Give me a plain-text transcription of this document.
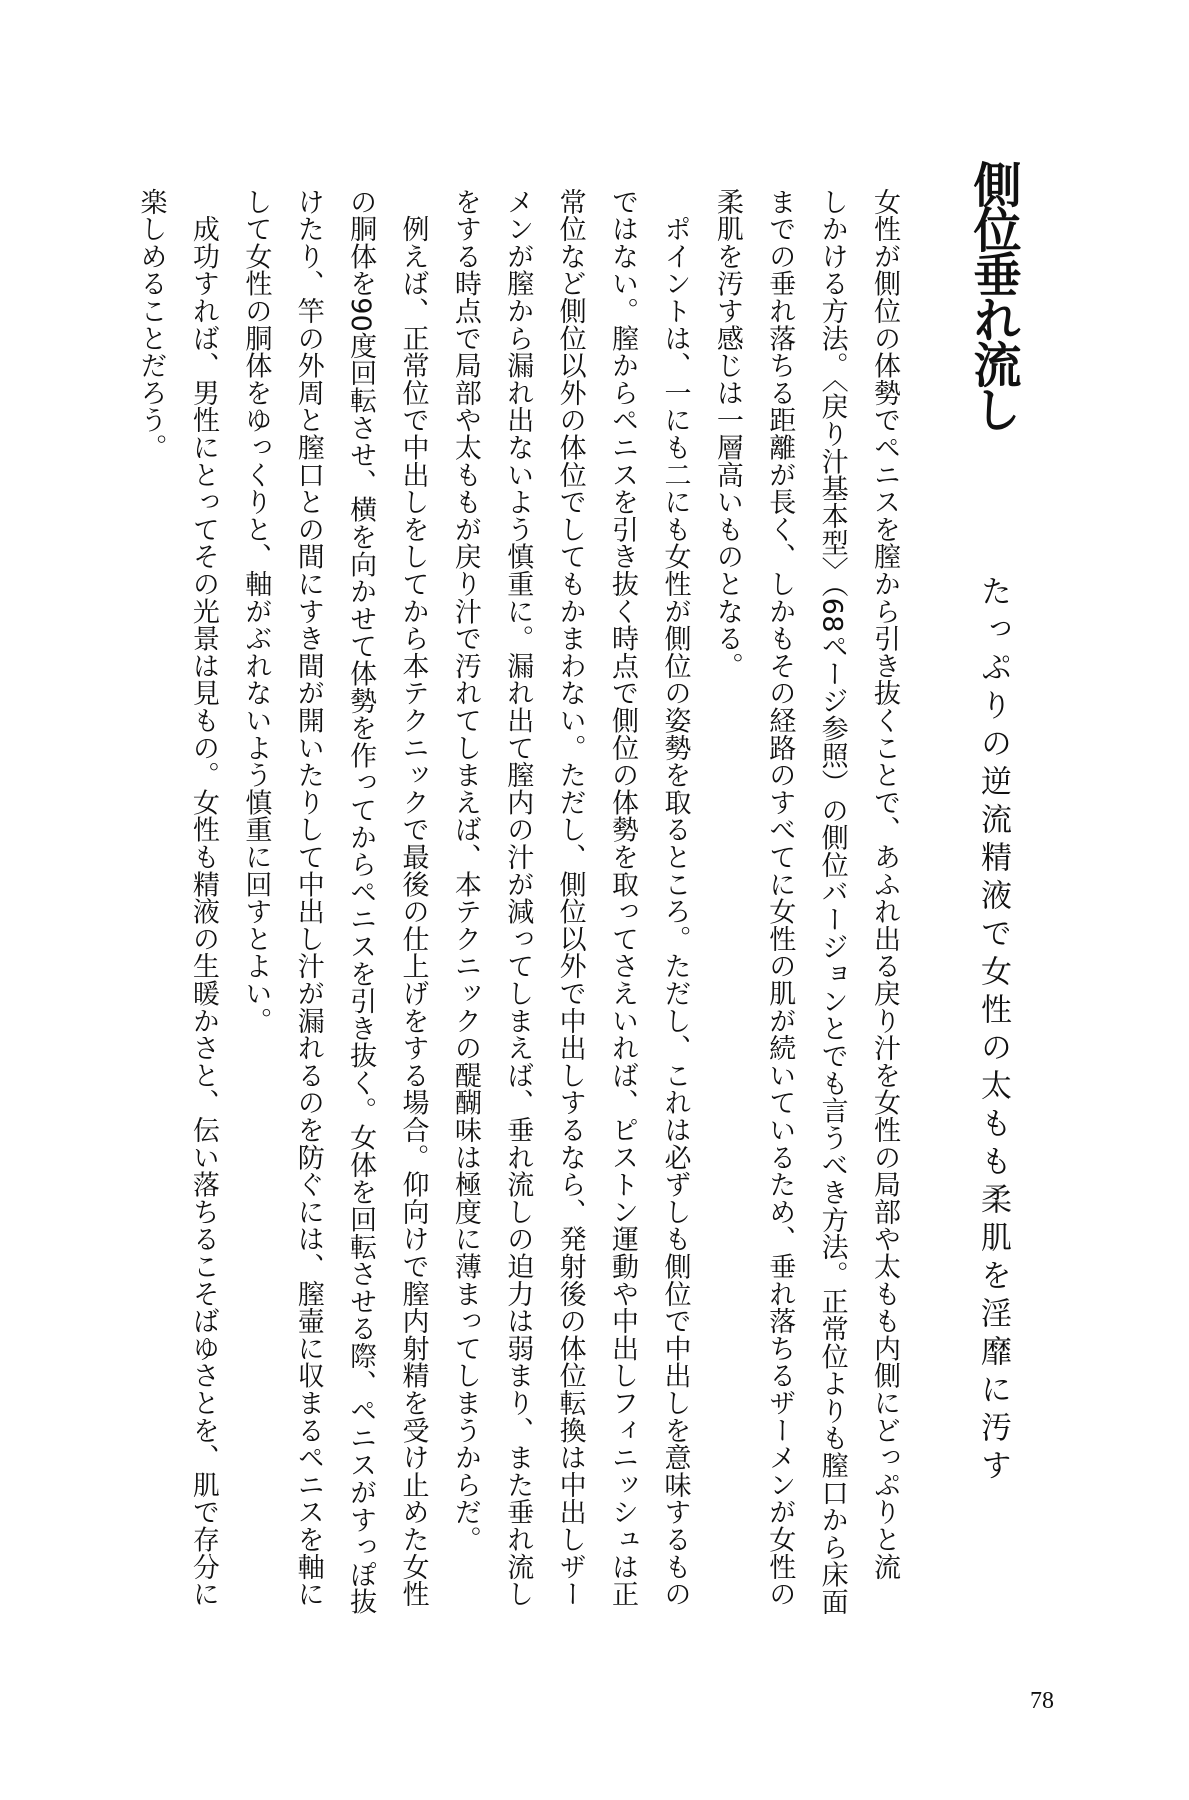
側位垂れ流し
たっぷりの逆流精液で女性の太もも柔肌を淫靡に汚す
女性が側位の体勢でペニスを膣から引き抜くことで、あふれ出る戻り汁を女性の局部や太もも内側にどっぷりと流
しかける方法。〈戻り汁基本型〉（68ページ参照）の側位バージョンとでも言うべき方法。正常位よりも膣口から床面
までの垂れ落ちる距離が長く、しかもその経路のすべてに女性の肌が続いているため、垂れ落ちるザーメンが女性の
柔肌を汚す感じは一層高いものとなる。
　ポイントは、一にも二にも女性が側位の姿勢を取るところ。ただし、これは必ずしも側位で中出しを意味するもの
ではない。膣からペニスを引き抜く時点で側位の体勢を取ってさえいれば、ピストン運動や中出しフィニッシュは正
常位など側位以外の体位でしてもかまわない。ただし、側位以外で中出しするなら、発射後の体位転換は中出しザー
メンが膣から漏れ出ないよう慎重に。漏れ出て膣内の汁が減ってしまえば、垂れ流しの迫力は弱まり、また垂れ流し
をする時点で局部や太ももが戻り汁で汚れてしまえば、本テクニックの醍醐味は極度に薄まってしまうからだ。
　例えば、正常位で中出しをしてから本テクニックで最後の仕上げをする場合。仰向けで膣内射精を受け止めた女性
の胴体を90度回転させ、横を向かせて体勢を作ってからペニスを引き抜く。女体を回転させる際、ペニスがすっぽ抜
けたり、竿の外周と膣口との間にすき間が開いたりして中出し汁が漏れるのを防ぐには、膣壷に収まるペニスを軸に
して女性の胴体をゆっくりと、軸がぶれないよう慎重に回すとよい。
　成功すれば、男性にとってその光景は見もの。女性も精液の生暖かさと、伝い落ちるこそばゆさとを、肌で存分に
楽しめることだろう。
78
